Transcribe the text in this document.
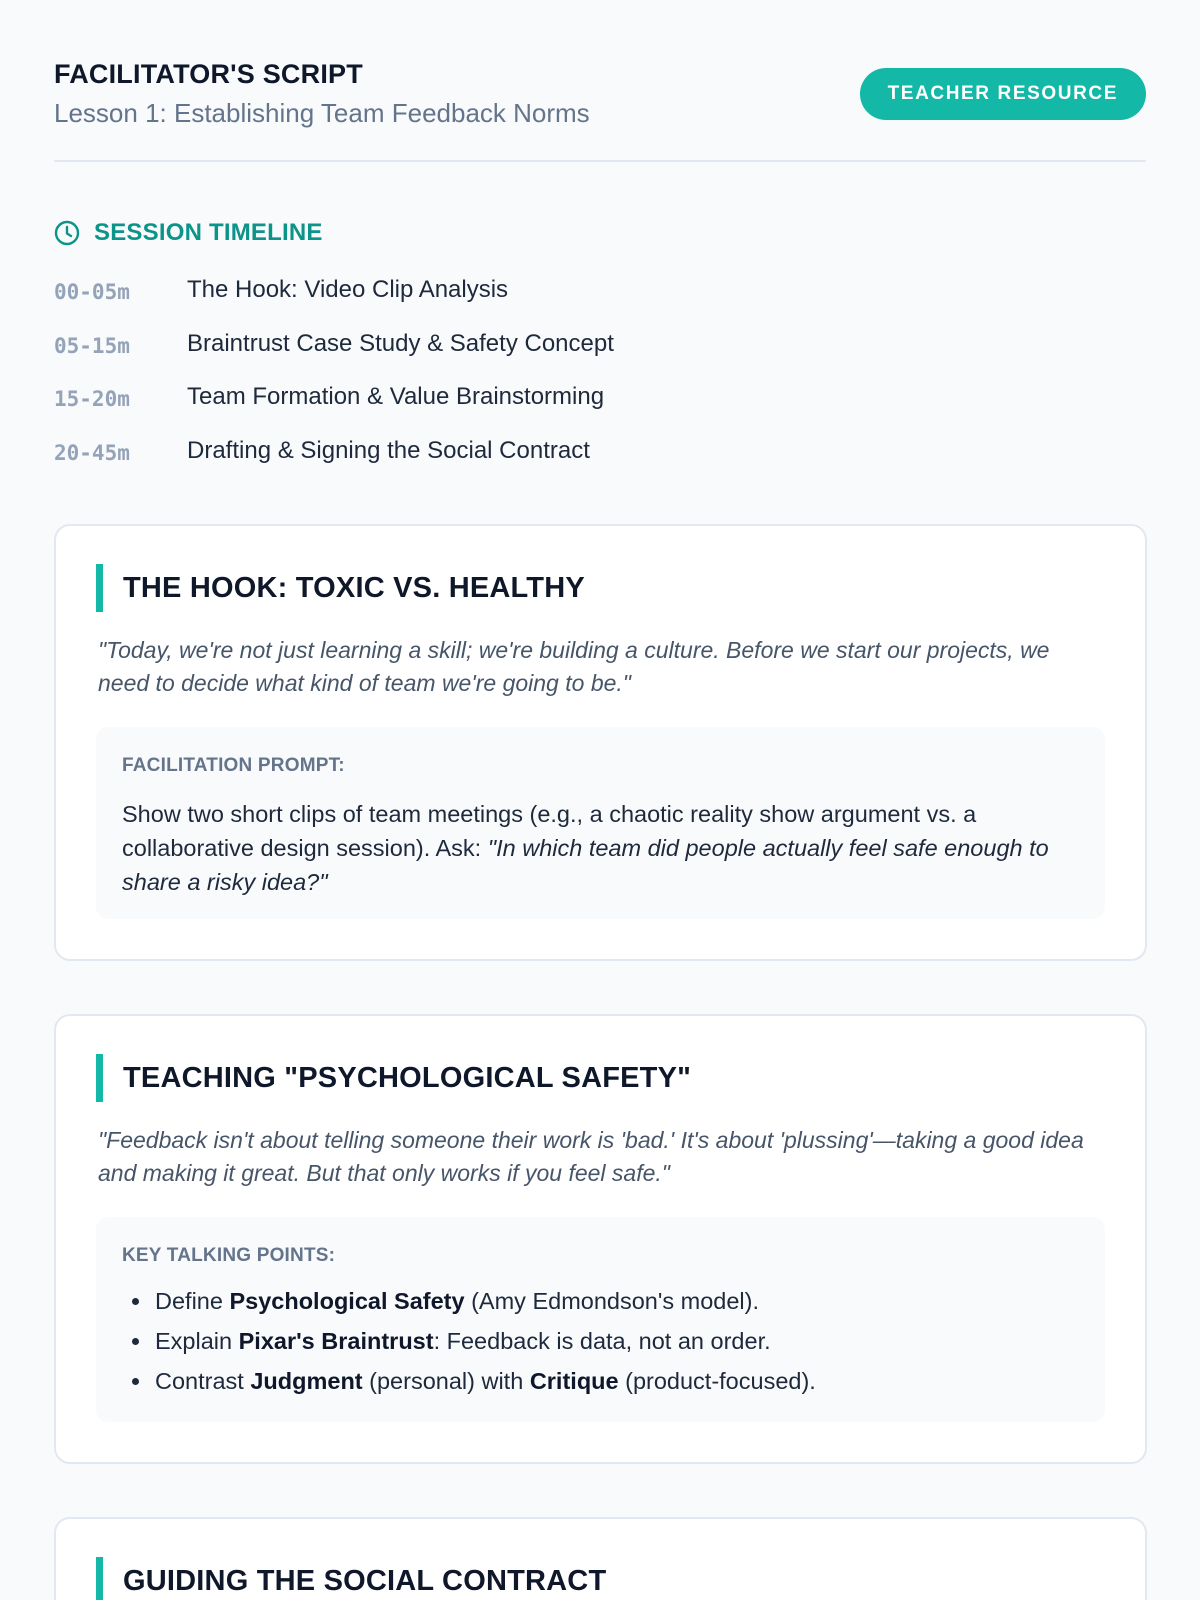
FACILITATOR'S SCRIPT
Lesson 1: Establishing Team Feedback Norms
TEACHER RESOURCE
SESSION TIMELINE
00-05m	The Hook: Video Clip Analysis
05-15m	Braintrust Case Study & Safety Concept
15-20m	Team Formation & Value Brainstorming
20-45m	Drafting & Signing the Social Contract
THE HOOK: TOXIC VS. HEALTHY
"Today, we're not just learning a skill; we're building a culture. Before we start our projects, we need to decide what kind of team we're going to be."
FACILITATION PROMPT:
Show two short clips of team meetings (e.g., a chaotic reality show argument vs. a collaborative design session). Ask: "In which team did people actually feel safe enough to share a risky idea?"
TEACHING "PSYCHOLOGICAL SAFETY"
"Feedback isn't about telling someone their work is 'bad.' It's about 'plussing'—taking a good idea and making it great. But that only works if you feel safe."
KEY TALKING POINTS:
Define Psychological Safety (Amy Edmondson's model).
Explain Pixar's Braintrust: Feedback is data, not an order.
Contrast Judgment (personal) with Critique (product-focused).
GUIDING THE SOCIAL CONTRACT
